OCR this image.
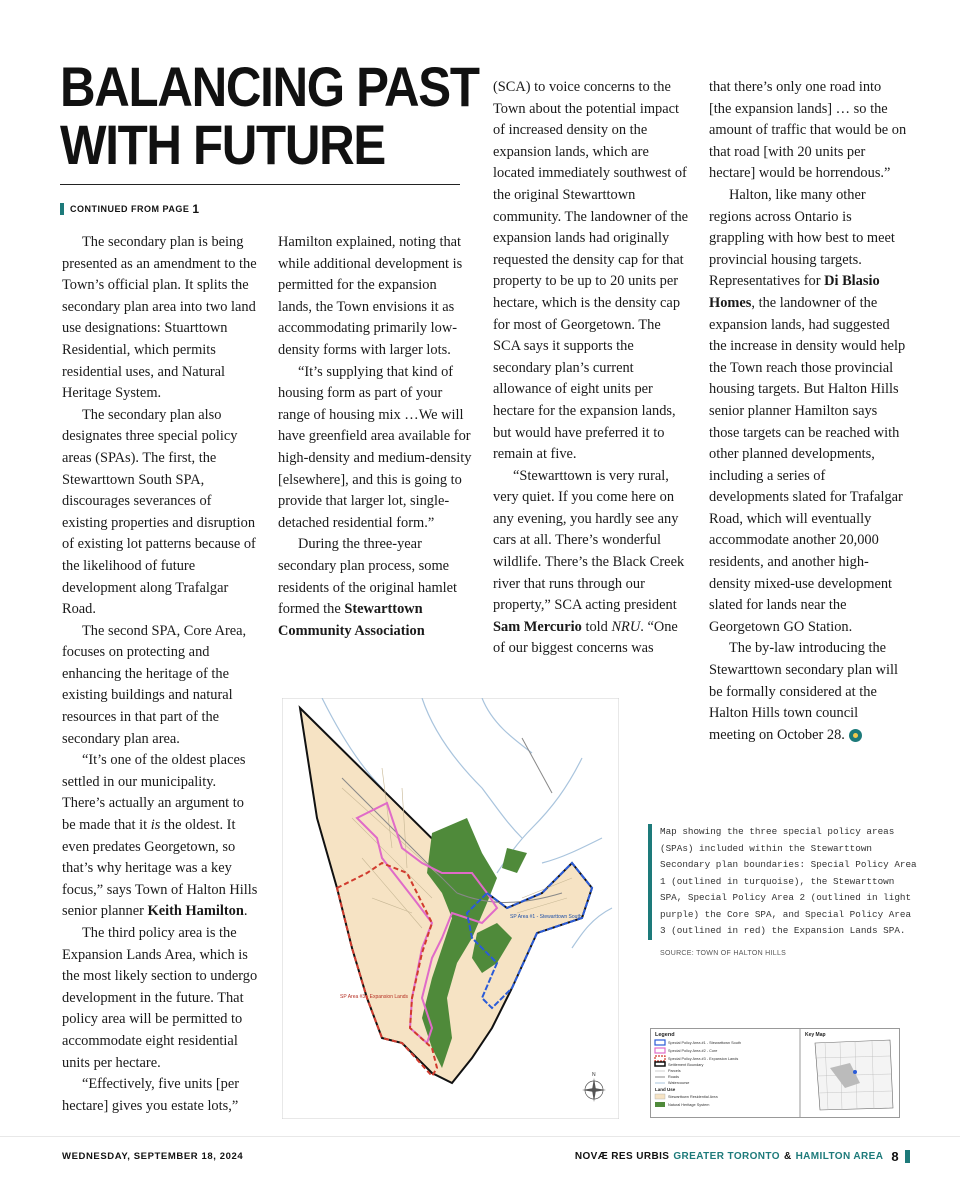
BALANCING PAST
WITH FUTURE
CONTINUED FROM PAGE 1

The secondary plan is being presented as an amendment to the Town’s official plan. It splits the secondary plan area into two land use designations: Stuarttown Residential, which permits residential uses, and Natural Heritage System.

The secondary plan also designates three special policy areas (SPAs). The first, the Stewarttown South SPA, discourages severances of existing properties and disruption of existing lot patterns because of the likelihood of future development along Trafalgar Road.

The second SPA, Core Area, focuses on protecting and enhancing the heritage of the existing buildings and natural resources in that part of the secondary plan area.

“It’s one of the oldest places settled in our municipality. There’s actually an argument to be made that it is the oldest. It even predates Georgetown, so that’s why heritage was a key focus,” says Town of Halton Hills senior planner Keith Hamilton.

The third policy area is the Expansion Lands Area, which is the most likely section to undergo development in the future. That policy area will be permitted to accommodate eight residential units per hectare.

“Effectively, five units [per hectare] gives you estate lots,”

Hamilton explained, noting that while additional development is permitted for the expansion lands, the Town envisions it as accommodating primarily low-density forms with larger lots.

“It’s supplying that kind of housing form as part of your range of housing mix …We will have greenfield area available for high-density and medium-density [elsewhere], and this is going to provide that larger lot, single-detached residential form.”

During the three-year secondary plan process, some residents of the original hamlet formed the Stewarttown Community Association

(SCA) to voice concerns to the Town about the potential impact of increased density on the expansion lands, which are located immediately southwest of the original Stewarttown community. The landowner of the expansion lands had originally requested the density cap for that property to be up to 20 units per hectare, which is the density cap for most of Georgetown. The SCA says it supports the secondary plan’s current allowance of eight units per hectare for the expansion lands, but would have preferred it to remain at five.

“Stewarttown is very rural, very quiet. If you come here on any evening, you hardly see any cars at all. There’s wonderful wildlife. There’s the Black Creek river that runs through our property,” SCA acting president Sam Mercurio told NRU. “One of our biggest concerns was

that there’s only one road into [the expansion lands] … so the amount of traffic that would be on that road [with 20 units per hectare] would be horrendous.”

Halton, like many other regions across Ontario is grappling with how best to meet provincial housing targets. Representatives for Di Blasio Homes, the landowner of the expansion lands, had suggested the increase in density would help the Town reach those provincial housing targets. But Halton Hills senior planner Hamilton says those targets can be reached with other planned developments, including a series of developments slated for Trafalgar Road, which will eventually accommodate another 20,000 residents, and another high-density mixed-use development slated for lands near the Georgetown GO Station.

The by-law introducing the Stewarttown secondary plan will be formally considered at the Halton Hills town council meeting on October 28.

SP Area #1 - Stewarttown South
SP Area #3 - Expansion Lands
N
Map showing the three special policy areas (SPAs) included within the Stewarttown Secondary plan boundaries: Special Policy Area 1 (outlined in turquoise), the Stewarttown SPA, Special Policy Area 2 (outlined in light purple) the Core SPA, and Special Policy Area 3 (outlined in red) the Expansion Lands SPA.
SOURCE: TOWN OF HALTON HILLS
Legend
Special Policy Area #1 - Stewarttown South
Special Policy Area #2 - Core
Special Policy Area #3 - Expansion Lands
Settlement Boundary
Parcels
Roads
Watercourse
Land Use
Stewarttown Residential Area
Natural Heritage System
Key Map
WEDNESDAY, SEPTEMBER 18, 2024	NOVÆ RES URBIS GREATER TORONTO & HAMILTON AREA 8
